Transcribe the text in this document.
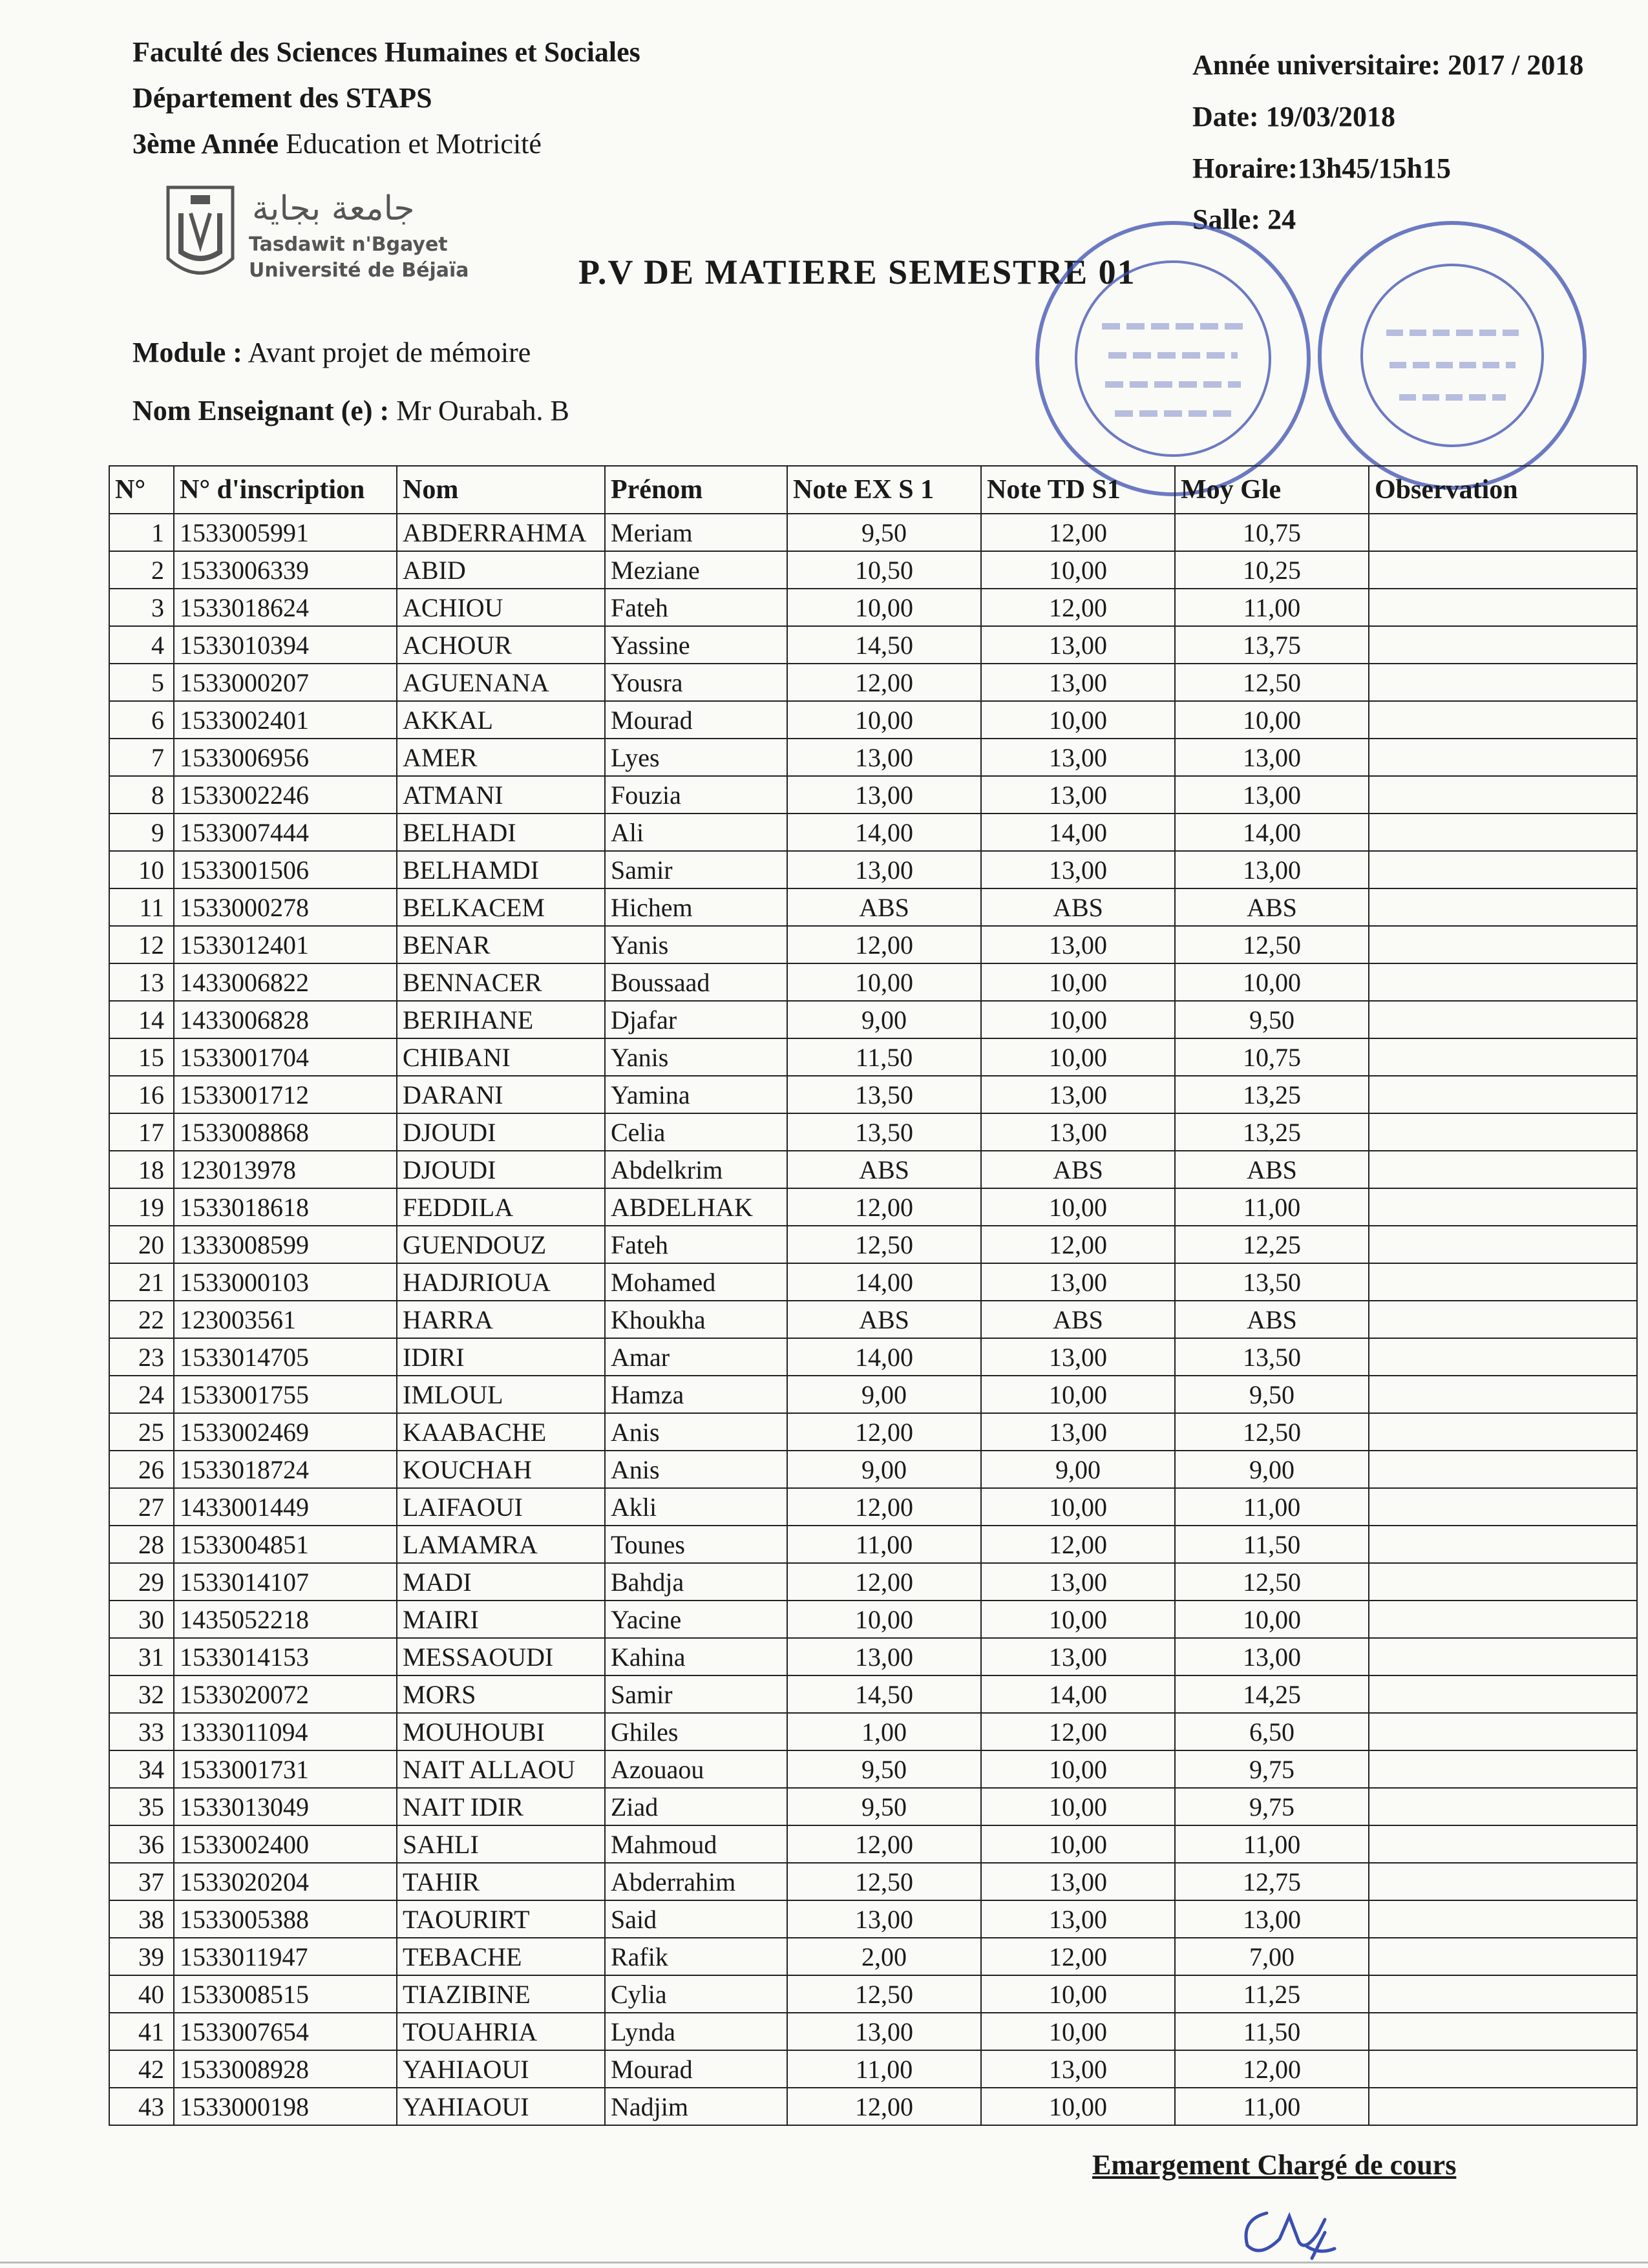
Faculté des Sciences Humaines et Sociales
Département des STAPS
3ème Année Education et Motricité
Année universitaire: 2017 / 2018
Date: 19/03/2018
Horaire:13h45/15h15
Salle: 24
جامعة بجاية
Tasdawit n'Bgayet
Université de Béjaïa	P.V DE MATIERE SEMESTRE 01
Module : Avant projet de mémoire
Nom Enseignant (e) : Mr Ourabah. B
N°	N° d'inscription	Nom	Prénom	Note EX S 1	Note TD S1	Moy Gle	Observation
1	1533005991	ABDERRAHMA	Meriam	9,50	12,00	10,75	
2	1533006339	ABID	Meziane	10,50	10,00	10,25	
3	1533018624	ACHIOU	Fateh	10,00	12,00	11,00	
4	1533010394	ACHOUR	Yassine	14,50	13,00	13,75	
5	1533000207	AGUENANA	Yousra	12,00	13,00	12,50	
6	1533002401	AKKAL	Mourad	10,00	10,00	10,00	
7	1533006956	AMER	Lyes	13,00	13,00	13,00	
8	1533002246	ATMANI	Fouzia	13,00	13,00	13,00	
9	1533007444	BELHADI	Ali	14,00	14,00	14,00	
10	1533001506	BELHAMDI	Samir	13,00	13,00	13,00	
11	1533000278	BELKACEM	Hichem	ABS	ABS	ABS	
12	1533012401	BENAR	Yanis	12,00	13,00	12,50	
13	1433006822	BENNACER	Boussaad	10,00	10,00	10,00	
14	1433006828	BERIHANE	Djafar	9,00	10,00	9,50	
15	1533001704	CHIBANI	Yanis	11,50	10,00	10,75	
16	1533001712	DARANI	Yamina	13,50	13,00	13,25	
17	1533008868	DJOUDI	Celia	13,50	13,00	13,25	
18	123013978	DJOUDI	Abdelkrim	ABS	ABS	ABS	
19	1533018618	FEDDILA	ABDELHAK	12,00	10,00	11,00	
20	1333008599	GUENDOUZ	Fateh	12,50	12,00	12,25	
21	1533000103	HADJRIOUA	Mohamed	14,00	13,00	13,50	
22	123003561	HARRA	Khoukha	ABS	ABS	ABS	
23	1533014705	IDIRI	Amar	14,00	13,00	13,50	
24	1533001755	IMLOUL	Hamza	9,00	10,00	9,50	
25	1533002469	KAABACHE	Anis	12,00	13,00	12,50	
26	1533018724	KOUCHAH	Anis	9,00	9,00	9,00	
27	1433001449	LAIFAOUI	Akli	12,00	10,00	11,00	
28	1533004851	LAMAMRA	Tounes	11,00	12,00	11,50	
29	1533014107	MADI	Bahdja	12,00	13,00	12,50	
30	1435052218	MAIRI	Yacine	10,00	10,00	10,00	
31	1533014153	MESSAOUDI	Kahina	13,00	13,00	13,00	
32	1533020072	MORS	Samir	14,50	14,00	14,25	
33	1333011094	MOUHOUBI	Ghiles	1,00	12,00	6,50	
34	1533001731	NAIT ALLAOU	Azouaou	9,50	10,00	9,75	
35	1533013049	NAIT IDIR	Ziad	9,50	10,00	9,75	
36	1533002400	SAHLI	Mahmoud	12,00	10,00	11,00	
37	1533020204	TAHIR	Abderrahim	12,50	13,00	12,75	
38	1533005388	TAOURIRT	Said	13,00	13,00	13,00	
39	1533011947	TEBACHE	Rafik	2,00	12,00	7,00	
40	1533008515	TIAZIBINE	Cylia	12,50	10,00	11,25	
41	1533007654	TOUAHRIA	Lynda	13,00	10,00	11,50	
42	1533008928	YAHIAOUI	Mourad	11,00	13,00	12,00	
43	1533000198	YAHIAOUI	Nadjim	12,00	10,00	11,00	
Emargement Chargé de cours
